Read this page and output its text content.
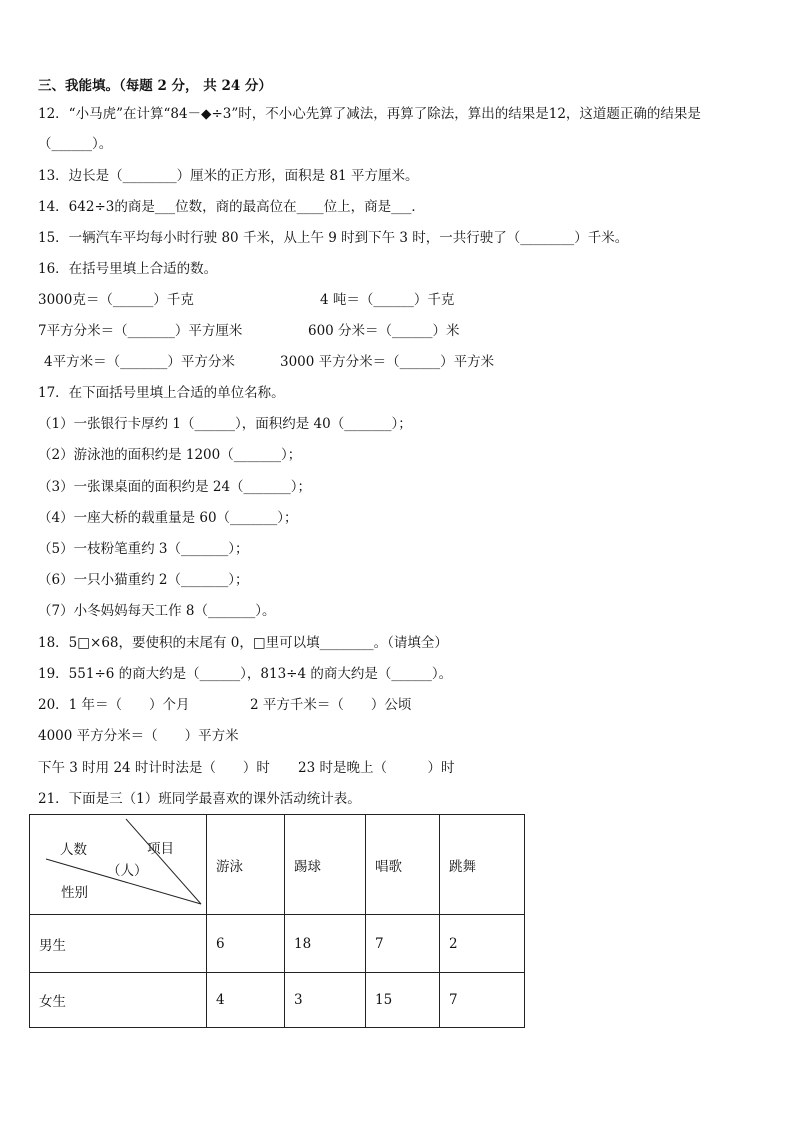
三、我能填。（每题 2 分， 共 24 分）
12．“小马虎”在计算“84－◆÷3”时，不小心先算了减法，再算了除法，算出的结果是12，这道题正确的结果是
（______）。
13．边长是（________）厘米的正方形，面积是 81 平方厘米。
14．642÷3的商是___位数，商的最高位在____位上，商是___．
15．一辆汽车平均每小时行驶 80 千米，从上午 9 时到下午 3 时，一共行驶了（________）千米。
16．在括号里填上合适的数。
3000克＝（______）千克	4 吨＝（______）千克
7平方分米＝（_______）平方厘米	600 分米＝（______）米
4平方米＝（_______）平方分米	3000 平方分米＝（______）平方米
17．在下面括号里填上合适的单位名称。
（1）一张银行卡厚约 1（______），面积约是 40（_______）；
（2）游泳池的面积约是 1200（_______）；
（3）一张课桌面的面积约是 24（_______）；
（4）一座大桥的载重量是 60（_______）；
（5）一枝粉笔重约 3（_______）；
（6）一只小猫重约 2（_______）；
（7）小冬妈妈每天工作 8（_______）。
18．5□×68，要使积的末尾有 0，□里可以填________。（请填全）
19．551÷6 的商大约是（______），813÷4 的商大约是（______）。
20．1 年＝（　　）个月	2 平方千米＝（　　）公顷
4000 平方分米＝（　　）平方米
下午 3 时用 24 时计时法是（　　）时 23 时是晚上（　　　）时
21．下面是三（1）班同学最喜欢的课外活动统计表。
项目
人数
（人）
性别	游泳	踢球	唱歌	跳舞
男生	6	18	7	2
女生	4	3	15	7
